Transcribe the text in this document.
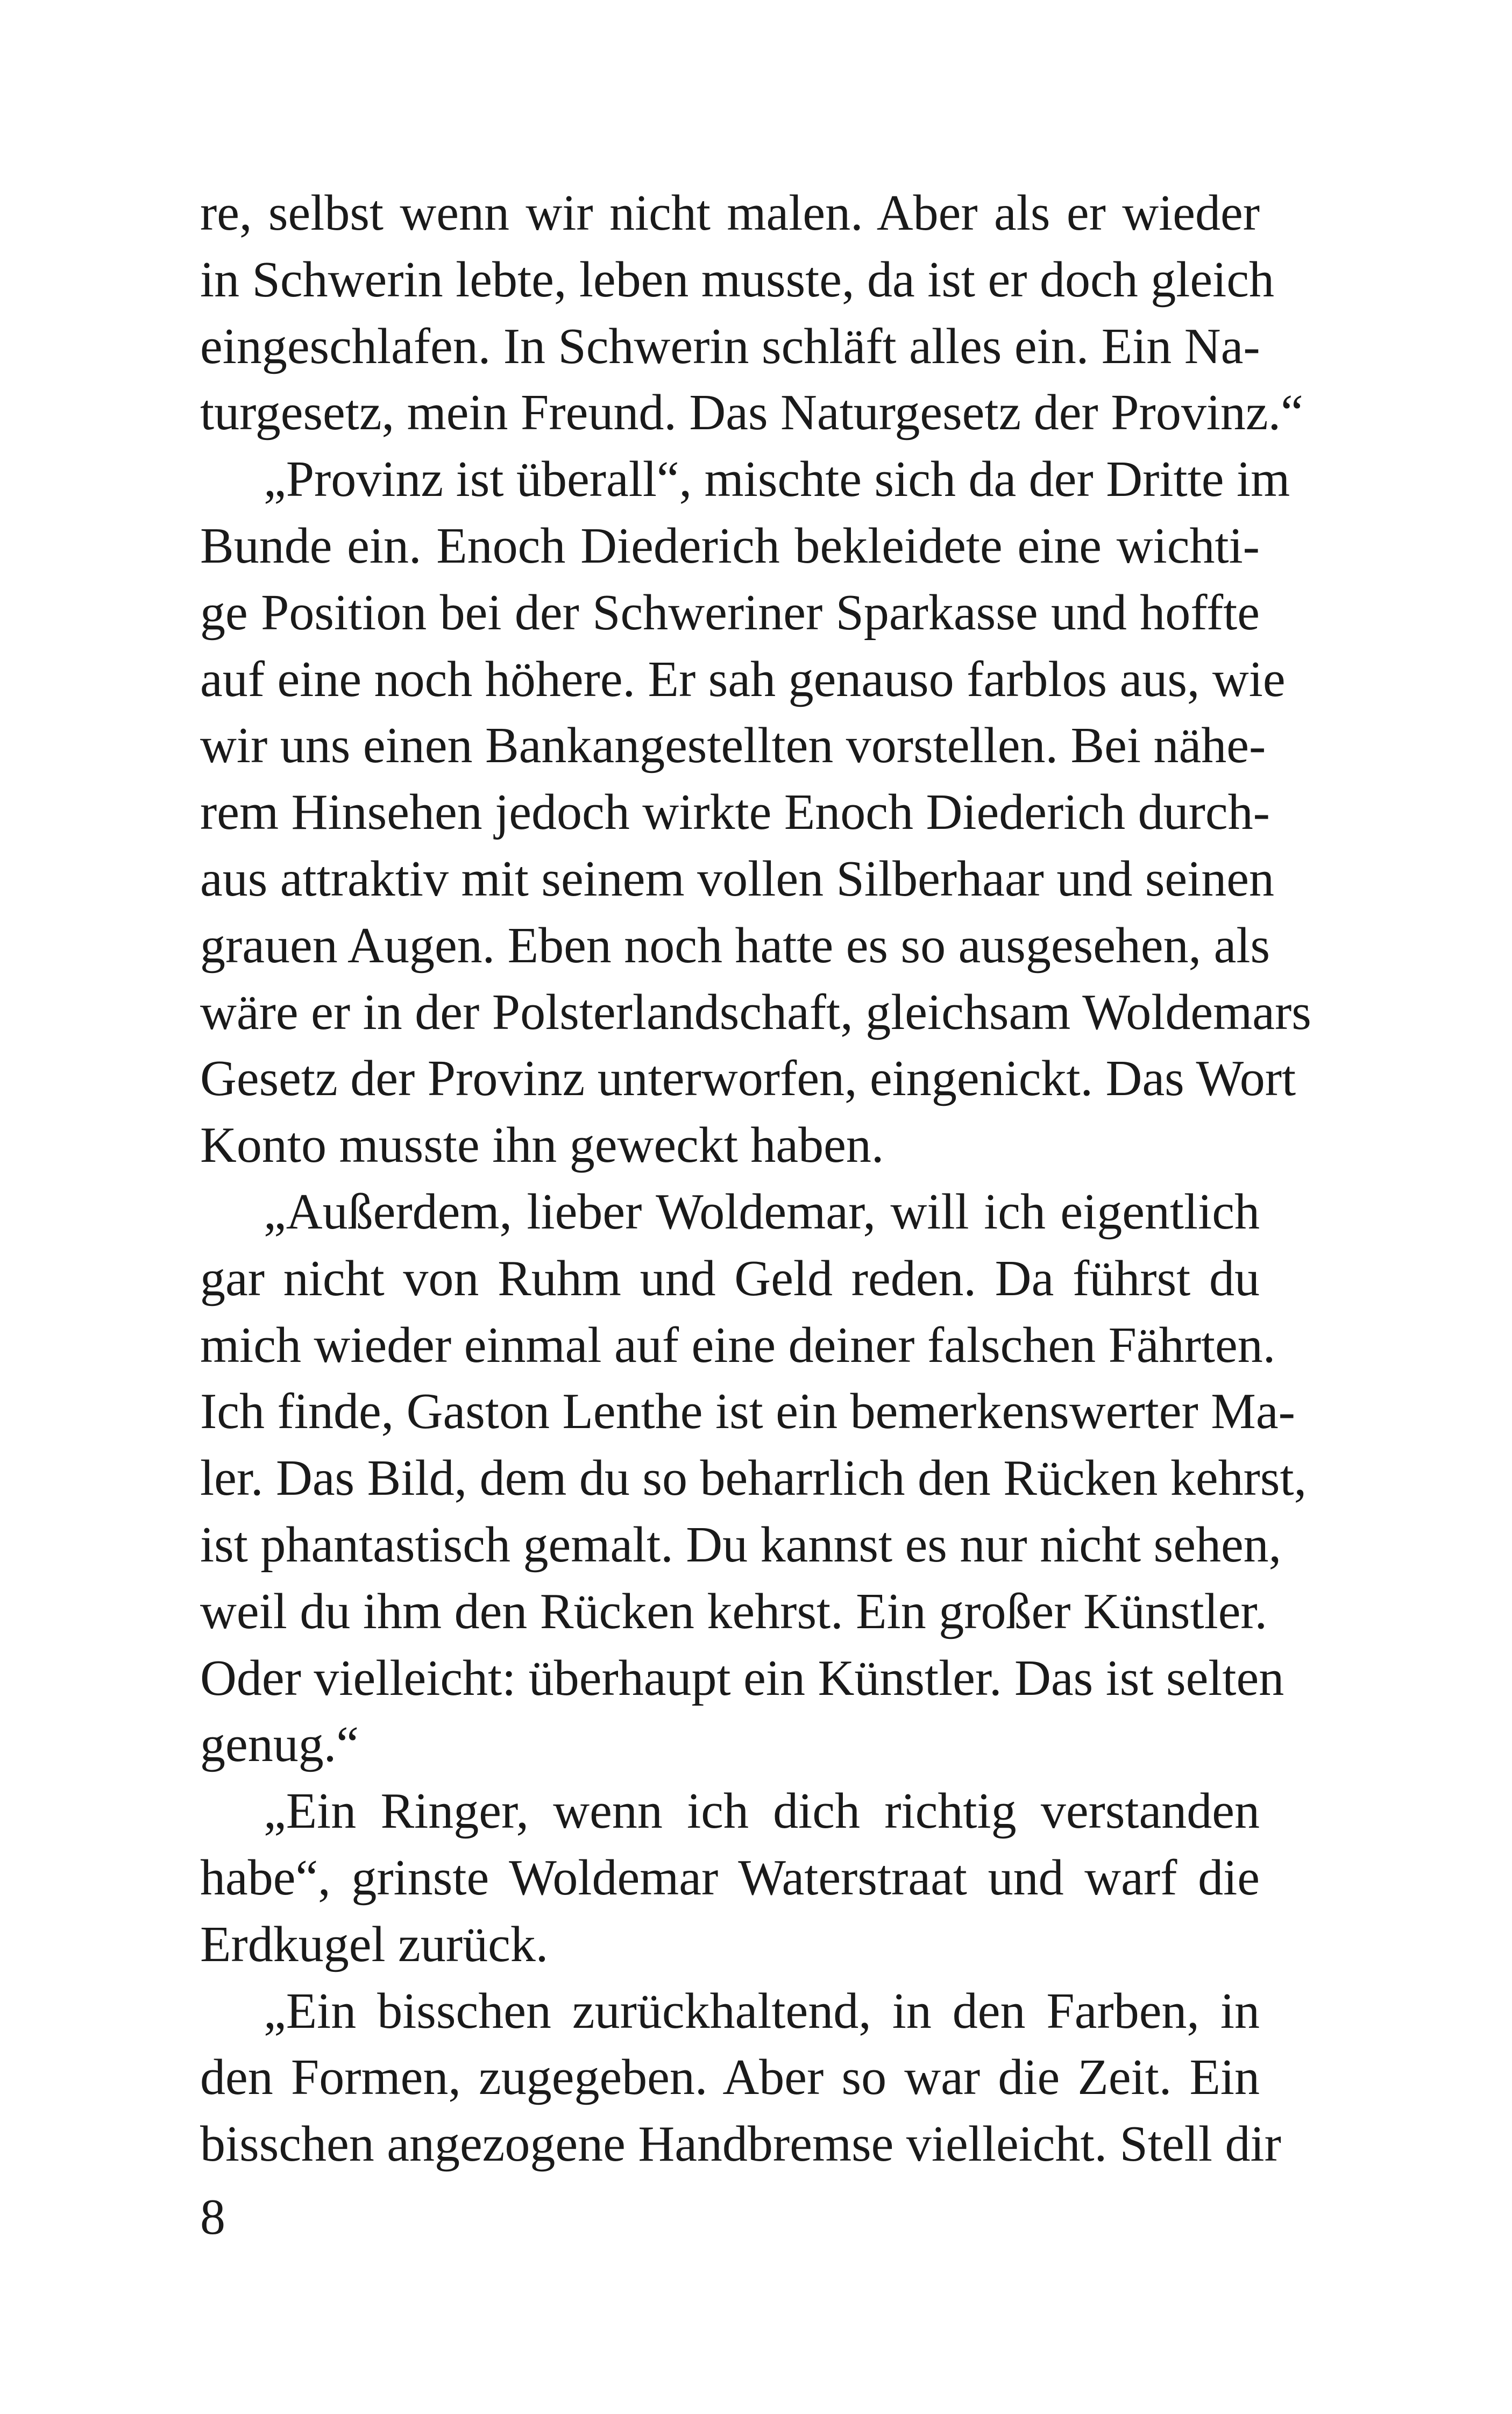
re, selbst wenn wir nicht malen. Aber als er wieder
in Schwerin lebte, leben musste, da ist er doch gleich
eingeschlafen. In Schwerin schläft alles ein. Ein Na-
turgesetz, mein Freund. Das Naturgesetz der Provinz.“
„Provinz ist überall“, mischte sich da der Dritte im
Bunde ein. Enoch Diederich bekleidete eine wichti-
ge Position bei der Schweriner Sparkasse und hoffte
auf eine noch höhere. Er sah genauso farblos aus, wie
wir uns einen Bankangestellten vorstellen. Bei nähe-
rem Hinsehen jedoch wirkte Enoch Diederich durch-
aus attraktiv mit seinem vollen Silberhaar und seinen
grauen Augen. Eben noch hatte es so ausgesehen, als
wäre er in der Polsterlandschaft, gleichsam Woldemars
Gesetz der Provinz unterworfen, eingenickt. Das Wort
Konto musste ihn geweckt haben.
„Außerdem, lieber Woldemar, will ich eigentlich
gar nicht von Ruhm und Geld reden. Da führst du
mich wieder einmal auf eine deiner falschen Fährten.
Ich finde, Gaston Lenthe ist ein bemerkenswerter Ma-
ler. Das Bild, dem du so beharrlich den Rücken kehrst,
ist phantastisch gemalt. Du kannst es nur nicht sehen,
weil du ihm den Rücken kehrst. Ein großer Künstler.
Oder vielleicht: überhaupt ein Künstler. Das ist selten
genug.“
„Ein Ringer, wenn ich dich richtig verstanden
habe“, grinste Woldemar Waterstraat und warf die
Erdkugel zurück.
„Ein bisschen zurückhaltend, in den Farben, in
den Formen, zugegeben. Aber so war die Zeit. Ein
bisschen angezogene Handbremse vielleicht. Stell dir
8
